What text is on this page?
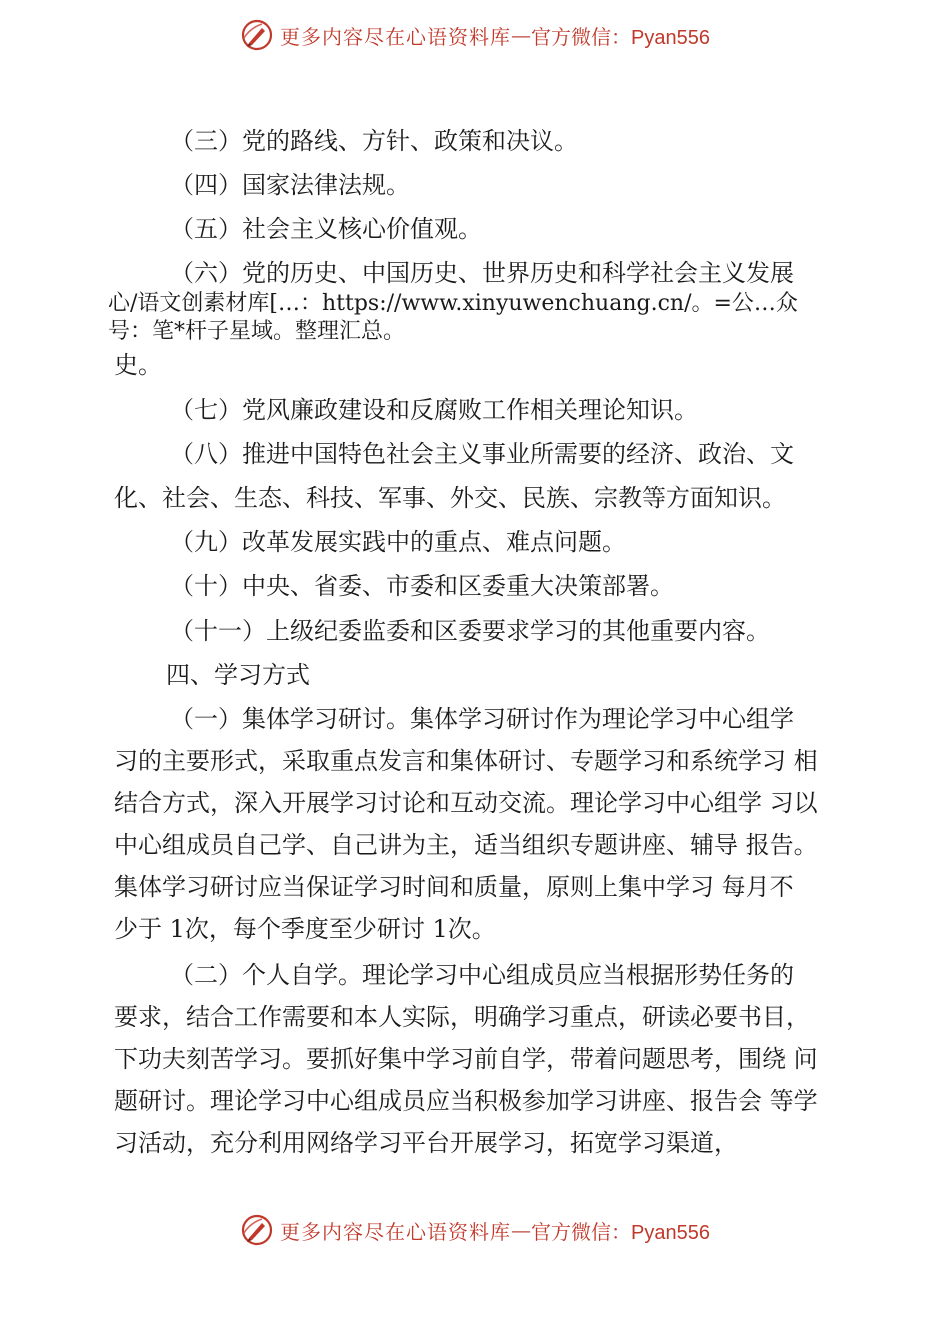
更多内容尽在心语资料库 — 官方微信：Pyan556
（三）党的路线、方针、政策和决议。
（四）国家法律法规。
（五）社会主义核心价值观。
（六）党的历史、中国历史、世界历史和科学社会主义发展
心/语文创素材库[…：https://www.xinyuwenchuang.cn/。=公…众
号：笔*杆子星域。整理汇总。
史。
（七）党风廉政建设和反腐败工作相关理论知识。
（八）推进中国特色社会主义事业所需要的经济、政治、文
化、社会、生态、科技、军事、外交、民族、宗教等方面知识。
（九）改革发展实践中的重点、难点问题。
（十）中央、省委、市委和区委重大决策部署。
（十一）上级纪委监委和区委要求学习的其他重要内容。
四、学习方式
（一）集体学习研讨。集体学习研讨作为理论学习中心组学
习的主要形式，采取重点发言和集体研讨、专题学习和系统学习 相
结合方式，深入开展学习讨论和互动交流。理论学习中心组学 习以
中心组成员自己学、自己讲为主，适当组织专题讲座、辅导 报告。
集体学习研讨应当保证学习时间和质量，原则上集中学习 每月不
少于 1次，每个季度至少研讨 1次。
（二）个人自学。理论学习中心组成员应当根据形势任务的
要求，结合工作需要和本人实际，明确学习重点，研读必要书目，
下功夫刻苦学习。要抓好集中学习前自学，带着问题思考，围绕 问
题研讨。理论学习中心组成员应当积极参加学习讲座、报告会 等学
习活动，充分利用网络学习平台开展学习，拓宽学习渠道，
更多内容尽在心语资料库 — 官方微信：Pyan556
